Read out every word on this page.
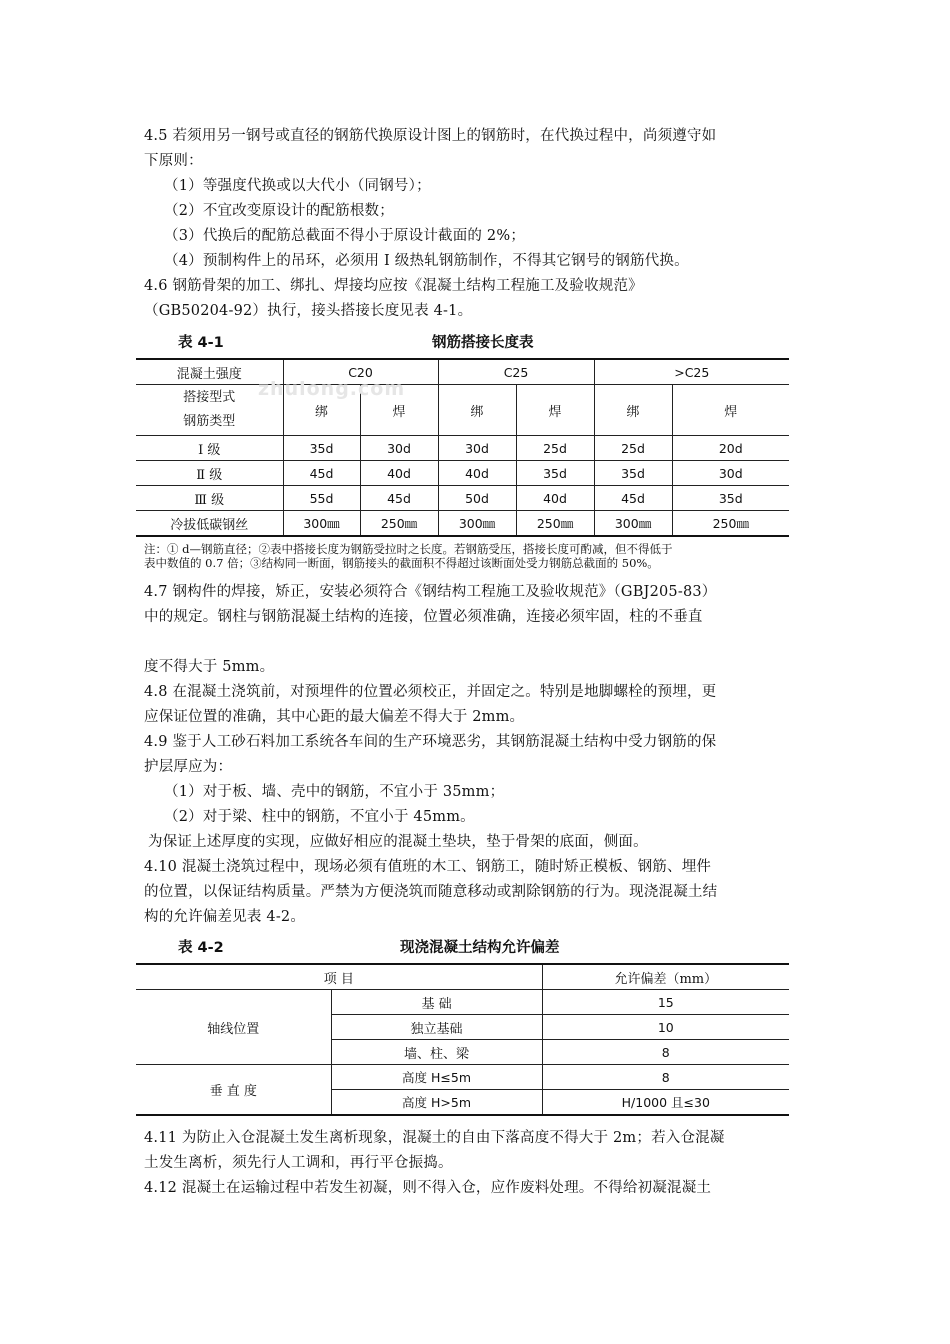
4.5 若须用另一钢号或直径的钢筋代换原设计图上的钢筋时，在代换过程中，尚须遵守如
下原则：
（1）等强度代换或以大代小（同钢号）；
（2）不宜改变原设计的配筋根数；
（3）代换后的配筋总截面不得小于原设计截面的 2%；
（4）预制构件上的吊环，必须用 I 级热轧钢筋制作，不得其它钢号的钢筋代换。
4.6 钢筋骨架的加工、绑扎、焊接均应按《混凝土结构工程施工及验收规范》
（GB50204-92）执行，接头搭接长度见表 4-1。
表 4-1	钢筋搭接长度表
混凝土强度	C20		C25		>C25	

搭接型式
钢筋类型	绑	焊	绑	焊	绑	焊
Ⅰ 级	35d	30d	30d	25d	25d	20d
Ⅱ 级	45d	40d	40d	35d	35d	30d
Ⅲ 级	55d	45d	50d	40d	45d	35d
冷拔低碳钢丝	300㎜	250㎜	300㎜	250㎜	300㎜	250㎜
zhulong.com
注：① d—钢筋直径；②表中搭接长度为钢筋受拉时之长度。若钢筋受压，搭接长度可酌减，但不得低于
表中数值的 0.7 倍；③结构同一断面，钢筋接头的截面积不得超过该断面处受力钢筋总截面的 50%。
4.7 钢构件的焊接，矫正，安装必须符合《钢结构工程施工及验收规范》（GBJ205-83）
中的规定。钢柱与钢筋混凝土结构的连接，位置必须准确，连接必须牢固，柱的不垂直
度不得大于 5mm。
4.8 在混凝土浇筑前，对预埋件的位置必须校正，并固定之。特别是地脚螺栓的预埋，更
应保证位置的准确，其中心距的最大偏差不得大于 2mm。
4.9 鉴于人工砂石料加工系统各车间的生产环境恶劣，其钢筋混凝土结构中受力钢筋的保
护层厚应为：
（1）对于板、墙、壳中的钢筋，不宜小于 35mm；
（2）对于梁、柱中的钢筋，不宜小于 45mm。
为保证上述厚度的实现，应做好相应的混凝土垫块，垫于骨架的底面，侧面。
4.10 混凝土浇筑过程中，现场必须有值班的木工、钢筋工，随时矫正模板、钢筋、埋件
的位置，以保证结构质量。严禁为方便浇筑而随意移动或割除钢筋的行为。现浇混凝土结
构的允许偏差见表 4-2。
表 4-2	现浇混凝土结构允许偏差
项 目		允许偏差（mm）
轴线位置	基 础	15
	独立基础	10
	墙、柱、梁	8
垂 直 度	高度 H≤5m	8
	高度 H>5m	H/1000 且≤30
4.11 为防止入仓混凝土发生离析现象，混凝土的自由下落高度不得大于 2m；若入仓混凝
土发生离析，须先行人工调和，再行平仓振捣。
4.12 混凝土在运输过程中若发生初凝，则不得入仓，应作废料处理。不得给初凝混凝土
